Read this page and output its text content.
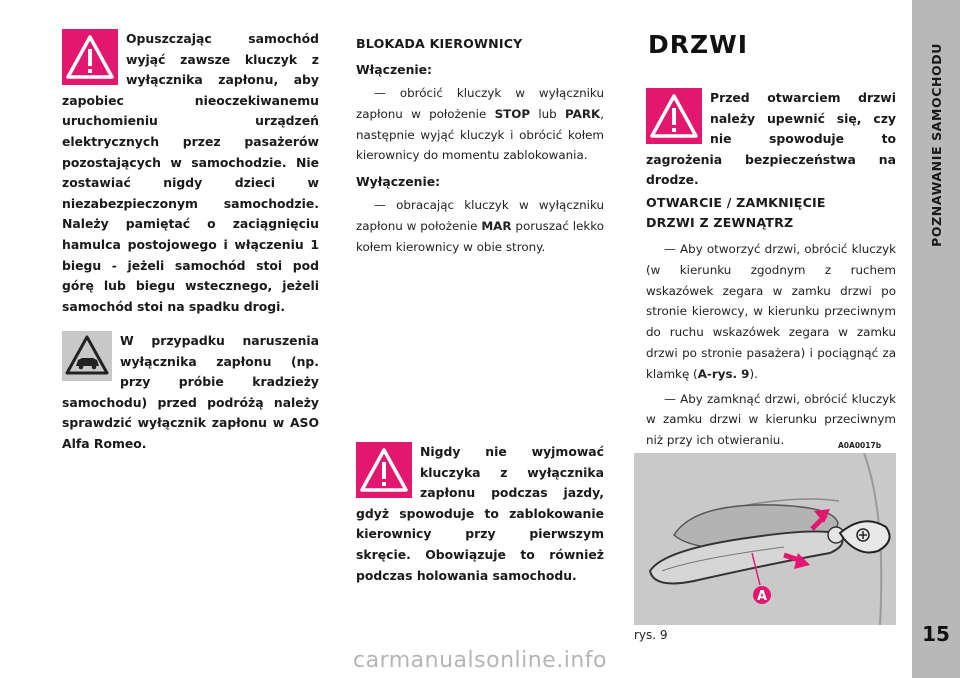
POZNAWANIE SAMOCHODU
15
Opuszczając samochód wyjąć zawsze kluczyk z wyłącznika zapłonu, aby zapobiec nieoczekiwanemu uruchomieniu urządzeń elektrycznych przez pasażerów pozostających w samochodzie. Nie zostawiać nigdy dzieci w niezabezpieczonym samochodzie. Należy pamiętać o zaciągnięciu hamulca postojowego i włączeniu 1 biegu - jeżeli samochód stoi pod górę lub biegu wstecznego, jeżeli samochód stoi na spadku drogi.
W przypadku naruszenia wyłącznika zapłonu (np. przy próbie kradzieży samochodu) przed podróżą należy sprawdzić wyłącznik zapłonu w ASO Alfa Romeo.

BLOKADA KIEROWNICY

Włączenie:

— obrócić kluczyk w wyłączniku zapłonu w położenie STOP lub PARK, następnie wyjąć kluczyk i obrócić kołem kierownicy do momentu zablokowania.

Wyłączenie:

— obracając kluczyk w wyłączniku zapłonu w położenie MAR poruszać lekko kołem kierownicy w obie strony.

Nigdy nie wyjmować kluczyka z wyłącznika zapłonu podczas jazdy, gdyż spowoduje to zablokowanie kierownicy przy pierwszym skręcie. Obowiązuje to również podczas holowania samochodu.
DRZWI
Przed otwarciem drzwi należy upewnić się, czy nie spowoduje to zagrożenia bezpieczeństwa na drodze.

OTWARCIE / ZAMKNIĘCIE

DRZWI Z ZEWNĄTRZ

— Aby otworzyć drzwi, obrócić kluczyk (w kierunku zgodnym z ruchem wskazówek zegara w zamku drzwi po stronie kierowcy, w kierunku przeciwnym do ruchu wskazówek zegara w zamku drzwi po stronie pasażera) i pociągnąć za klamkę (A-rys. 9).

— Aby zamknąć drzwi, obrócić kluczyk w zamku drzwi w kierunku przeciwnym niż przy ich otwieraniu.	A0A0017b
A
rys. 9
carmanualsonline.info
